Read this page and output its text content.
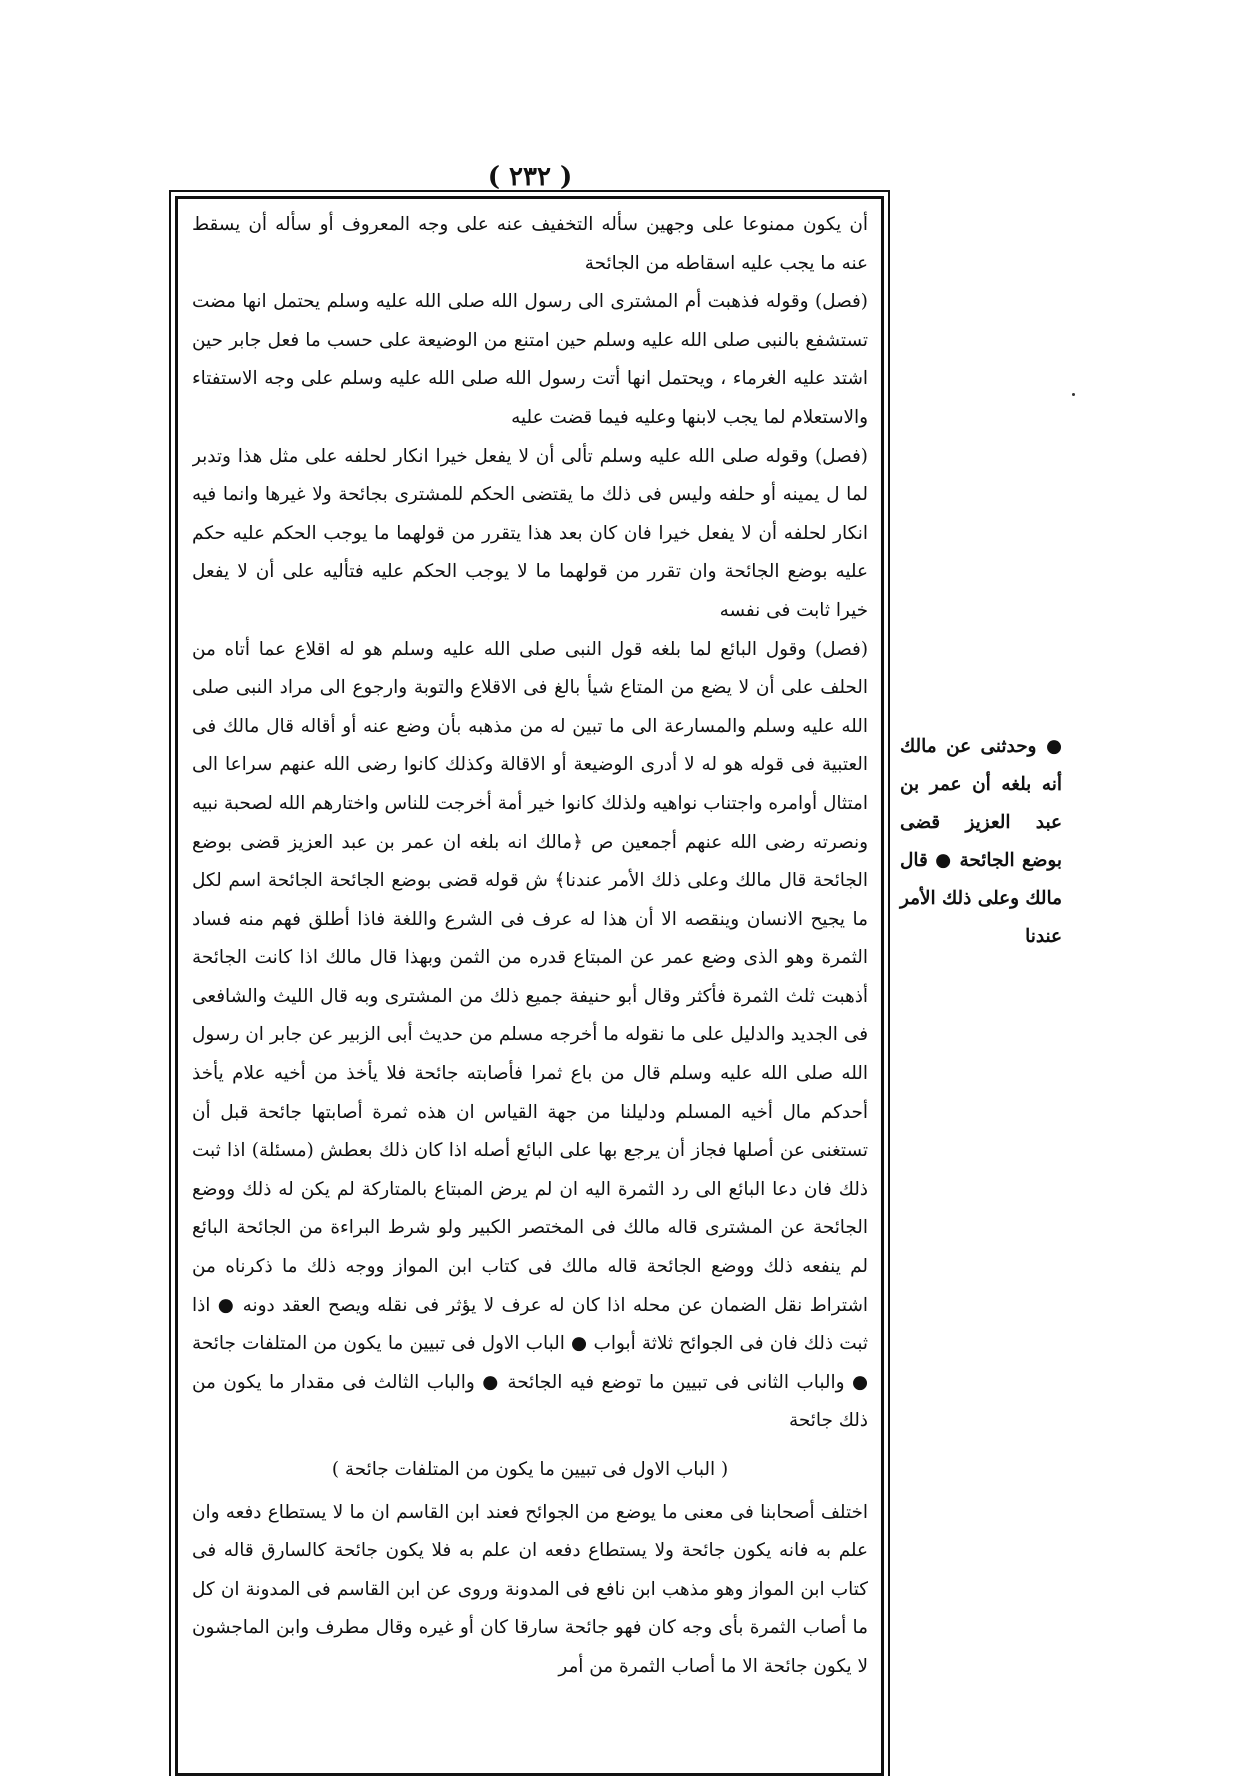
( ٢٣٢ )

أن يكون ممنوعا على وجهين سأله التخفيف عنه على وجه المعروف أو سأله أن يسقط عنه ما يجب عليه اسقاطه من الجائحة

(فصل) وقوله فذهبت أم المشترى الى رسول الله صلى الله عليه وسلم يحتمل انها مضت تستشفع بالنبى صلى الله عليه وسلم حين امتنع من الوضيعة على حسب ما فعل جابر حين اشتد عليه الغرماء ، ويحتمل انها أتت رسول الله صلى الله عليه وسلم على وجه الاستفتاء والاستعلام لما يجب لابنها وعليه فيما قضت عليه

(فصل) وقوله صلى الله عليه وسلم تألى أن لا يفعل خيرا انكار لحلفه على مثل هذا وتدبر لما ل يمينه أو حلفه وليس فى ذلك ما يقتضى الحكم للمشترى بجائحة ولا غيرها وانما فيه انكار لحلفه أن لا يفعل خيرا فان كان بعد هذا يتقرر من قولهما ما يوجب الحكم عليه حكم عليه بوضع الجائحة وان تقرر من قولهما ما لا يوجب الحكم عليه فتأليه على أن لا يفعل خيرا ثابت فى نفسه

(فصل) وقول البائع لما بلغه قول النبى صلى الله عليه وسلم هو له اقلاع عما أتاه من الحلف على أن لا يضع من المتاع شيأ بالغ فى الاقلاع والتوبة وارجوع الى مراد النبى صلى الله عليه وسلم والمسارعة الى ما تبين له من مذهبه بأن وضع عنه أو أقاله قال مالك فى العتبية فى قوله هو له لا أدرى الوضيعة أو الاقالة وكذلك كانوا رضى الله عنهم سراعا الى امتثال أوامره واجتناب نواهيه ولذلك كانوا خير أمة أخرجت للناس واختارهم الله لصحبة نبيه ونصرته رضى الله عنهم أجمعين ص ﴿مالك انه بلغه ان عمر بن عبد العزيز قضى بوضع الجائحة قال مالك وعلى ذلك الأمر عندنا﴾ ش قوله قضى بوضع الجائحة الجائحة اسم لكل ما يجيح الانسان وينقصه الا أن هذا له عرف فى الشرع واللغة فاذا أطلق فهم منه فساد الثمرة وهو الذى وضع عمر عن المبتاع قدره من الثمن وبهذا قال مالك اذا كانت الجائحة أذهبت ثلث الثمرة فأكثر وقال أبو حنيفة جميع ذلك من المشترى وبه قال الليث والشافعى فى الجديد والدليل على ما نقوله ما أخرجه مسلم من حديث أبى الزبير عن جابر ان رسول الله صلى الله عليه وسلم قال من باع ثمرا فأصابته جائحة فلا يأخذ من أخيه علام يأخذ أحدكم مال أخيه المسلم ودليلنا من جهة القياس ان هذه ثمرة أصابتها جائحة قبل أن تستغنى عن أصلها فجاز أن يرجع بها على البائع أصله اذا كان ذلك بعطش (مسئلة) اذا ثبت ذلك فان دعا البائع الى رد الثمرة اليه ان لم يرض المبتاع بالمتاركة لم يكن له ذلك ووضع الجائحة عن المشترى قاله مالك فى المختصر الكبير ولو شرط البراءة من الجائحة البائع لم ينفعه ذلك ووضع الجائحة قاله مالك فى كتاب ابن المواز ووجه ذلك ما ذكرناه من اشتراط نقل الضمان عن محله اذا كان له عرف لا يؤثر فى نقله ويصح العقد دونه ● اذا ثبت ذلك فان فى الجوائح ثلاثة أبواب ● الباب الاول فى تبيين ما يكون من المتلفات جائحة ● والباب الثانى فى تبيين ما توضع فيه الجائحة ● والباب الثالث فى مقدار ما يكون من ذلك جائحة

( الباب الاول فى تبيين ما يكون من المتلفات جائحة )

اختلف أصحابنا فى معنى ما يوضع من الجوائح فعند ابن القاسم ان ما لا يستطاع دفعه وان علم به فانه يكون جائحة ولا يستطاع دفعه ان علم به فلا يكون جائحة كالسارق قاله فى كتاب ابن المواز وهو مذهب ابن نافع فى المدونة وروى عن ابن القاسم فى المدونة ان كل ما أصاب الثمرة بأى وجه كان فهو جائحة سارقا كان أو غيره وقال مطرف وابن الماجشون لا يكون جائحة الا ما أصاب الثمرة من أمر

● وحدثنى عن مالك أنه بلغه أن عمر بن عبد العزيز قضى بوضع الجائحة ● قال مالك وعلى ذلك الأمر عندنا
